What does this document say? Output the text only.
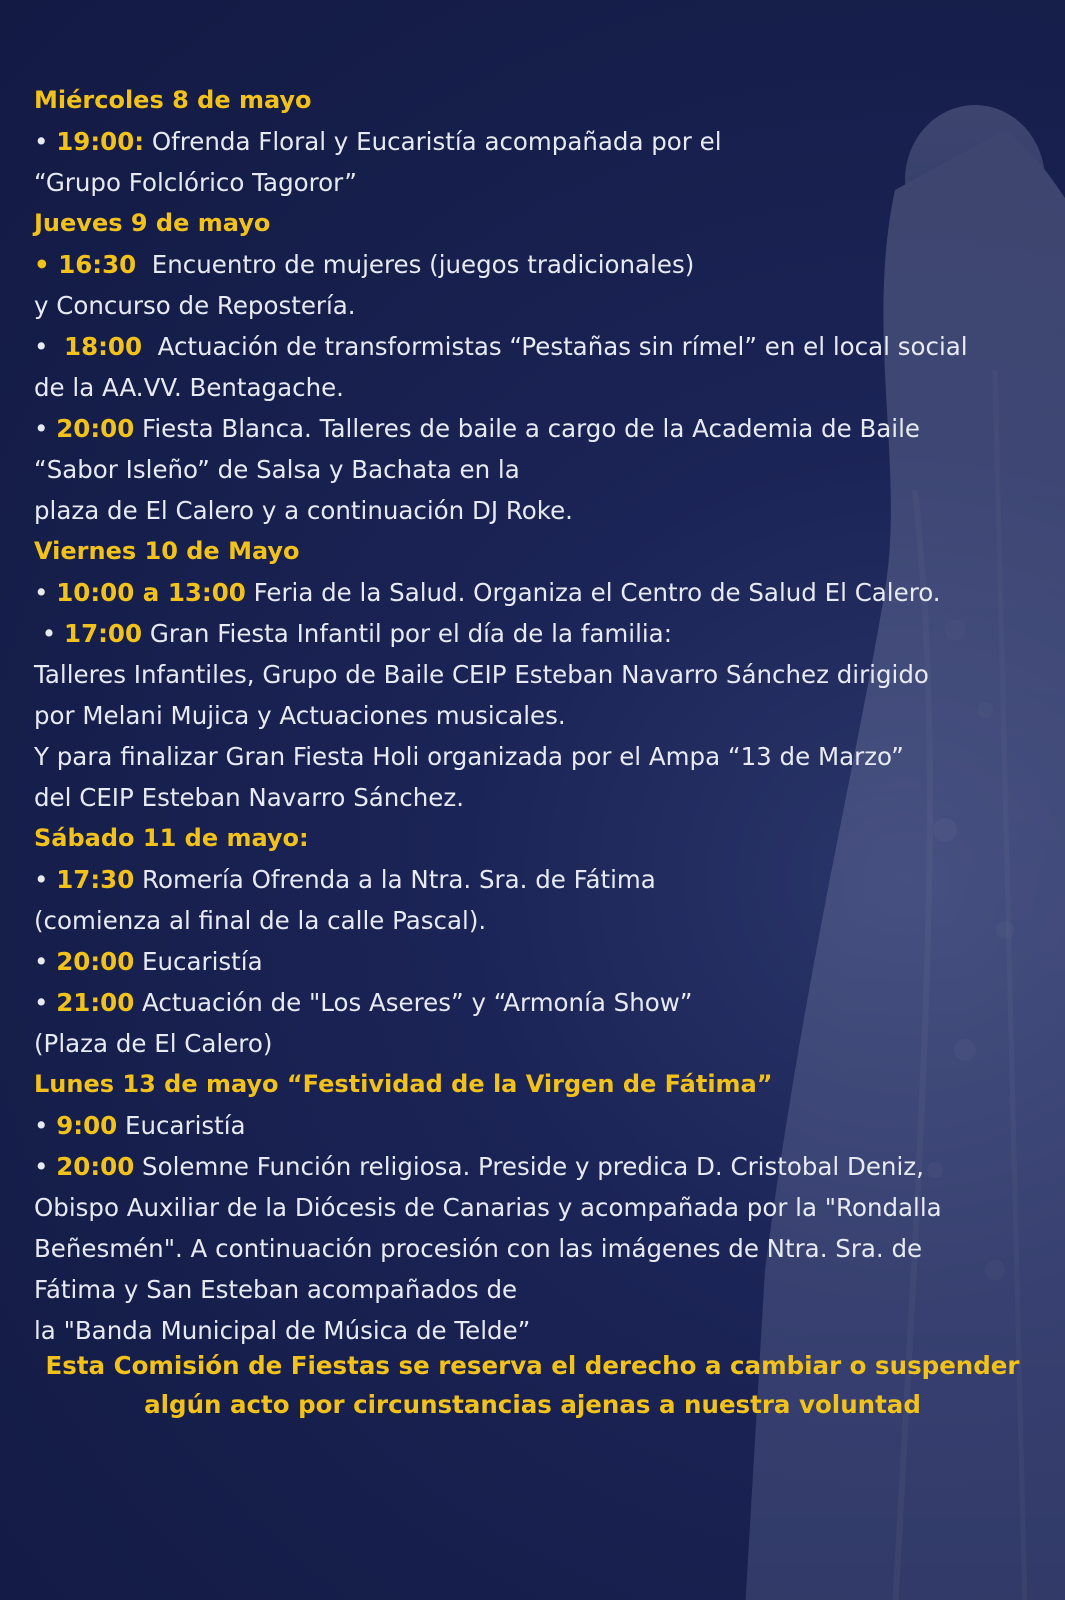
Miércoles 8 de mayo

• 19:00: Ofrenda Floral y Eucaristía acompañada por el

“Grupo Folclórico Tagoror”

Jueves 9 de mayo

• 16:30 Encuentro de mujeres (juegos tradicionales)

y Concurso de Repostería.

•  18:00 Actuación de transformistas “Pestañas sin rímel” en el local social

de la AA.VV. Bentagache.

• 20:00 Fiesta Blanca. Talleres de baile a cargo de la Academia de Baile

“Sabor Isleño” de Salsa y Bachata en la

plaza de El Calero y a continuación DJ Roke.

Viernes 10 de Mayo

• 10:00 a 13:00 Feria de la Salud. Organiza el Centro de Salud El Calero.

• 17:00 Gran Fiesta Infantil por el día de la familia:

Talleres Infantiles, Grupo de Baile CEIP Esteban Navarro Sánchez dirigido

por Melani Mujica y Actuaciones musicales.

Y para finalizar Gran Fiesta Holi organizada por el Ampa “13 de Marzo”

del CEIP Esteban Navarro Sánchez.

Sábado 11 de mayo:

• 17:30 Romería Ofrenda a la Ntra. Sra. de Fátima

(comienza al final de la calle Pascal).

• 20:00 Eucaristía

• 21:00 Actuación de "Los Aseres” y “Armonía Show”

(Plaza de El Calero)

Lunes 13 de mayo “Festividad de la Virgen de Fátima”

• 9:00 Eucaristía

• 20:00 Solemne Función religiosa. Preside y predica D. Cristobal Deniz,

Obispo Auxiliar de la Diócesis de Canarias y acompañada por la "Rondalla

Beñesmén". A continuación procesión con las imágenes de Ntra. Sra. de

Fátima y San Esteban acompañados de

la "Banda Municipal de Música de Telde”

Esta Comisión de Fiestas se reserva el derecho a cambiar o suspender

algún acto por circunstancias ajenas a nuestra voluntad
